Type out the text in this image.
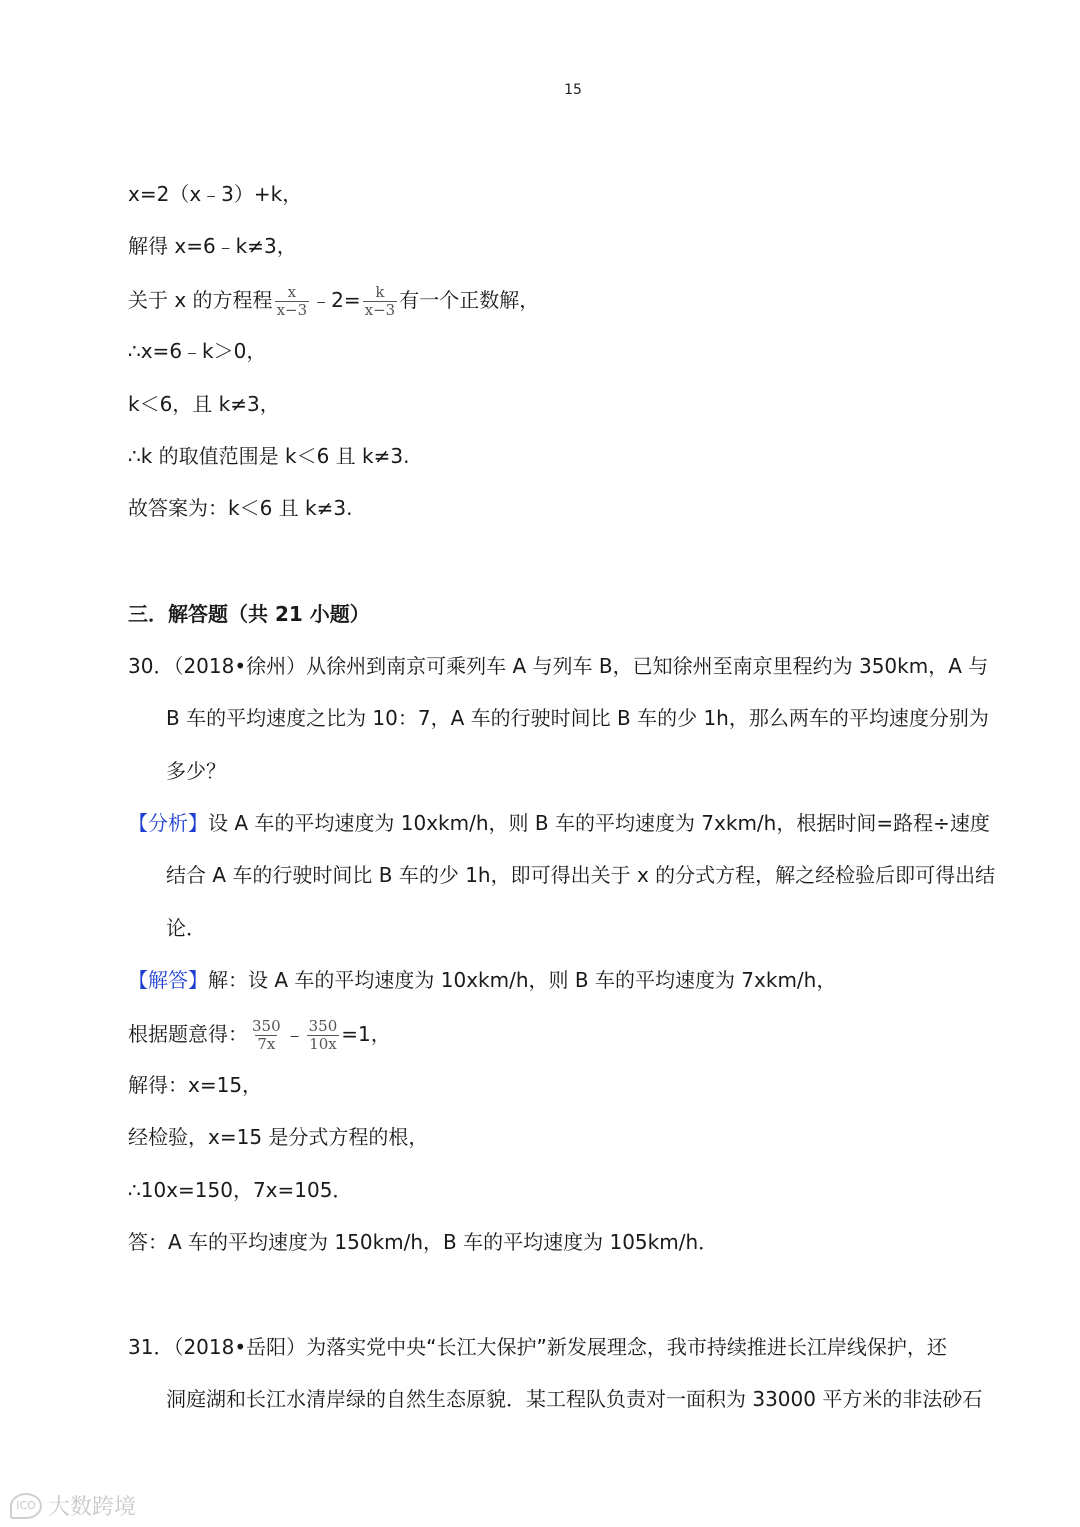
15
x=2（x﹣3）+k，
解得 x=6﹣k≠3，
关于 x 的方程程 $\frac{x}{x-3}$ ﹣2= $\frac{k}{x-3}$ 有一个正数解，
∴x=6﹣k＞0，
k＜6，且 k≠3，
∴k 的取值范围是 k＜6 且 k≠3.
故答案为：k＜6 且 k≠3.
三．解答题（共 21 小题）
30．（2018•徐州）从徐州到南京可乘列车 A 与列车 B，已知徐州至南京里程约为 350km，A 与
B 车的平均速度之比为 10：7，A 车的行驶时间比 B 车的少 1h，那么两车的平均速度分别为
多少？
【分析】设 A 车的平均速度为 10xkm/h，则 B 车的平均速度为 7xkm/h，根据时间=路程÷速度
结合 A 车的行驶时间比 B 车的少 1h，即可得出关于 x 的分式方程，解之经检验后即可得出结
论．
【解答】解：设 A 车的平均速度为 10xkm/h，则 B 车的平均速度为 7xkm/h，
根据题意得： $\frac{350}{7x}$ ﹣ $\frac{350}{10x} =1$，
解得：x=15，
经检验，x=15 是分式方程的根，
∴10x=150，7x=105．
答：A 车的平均速度为 150km/h，B 车的平均速度为 105km/h．
31．（2018•岳阳）为落实党中央“长江大保护”新发展理念，我市持续推进长江岸线保护，还
洞庭湖和长江水清岸绿的自然生态原貌．某工程队负责对一面积为 33000 平方米的非法砂石
ICO 大数跨境
